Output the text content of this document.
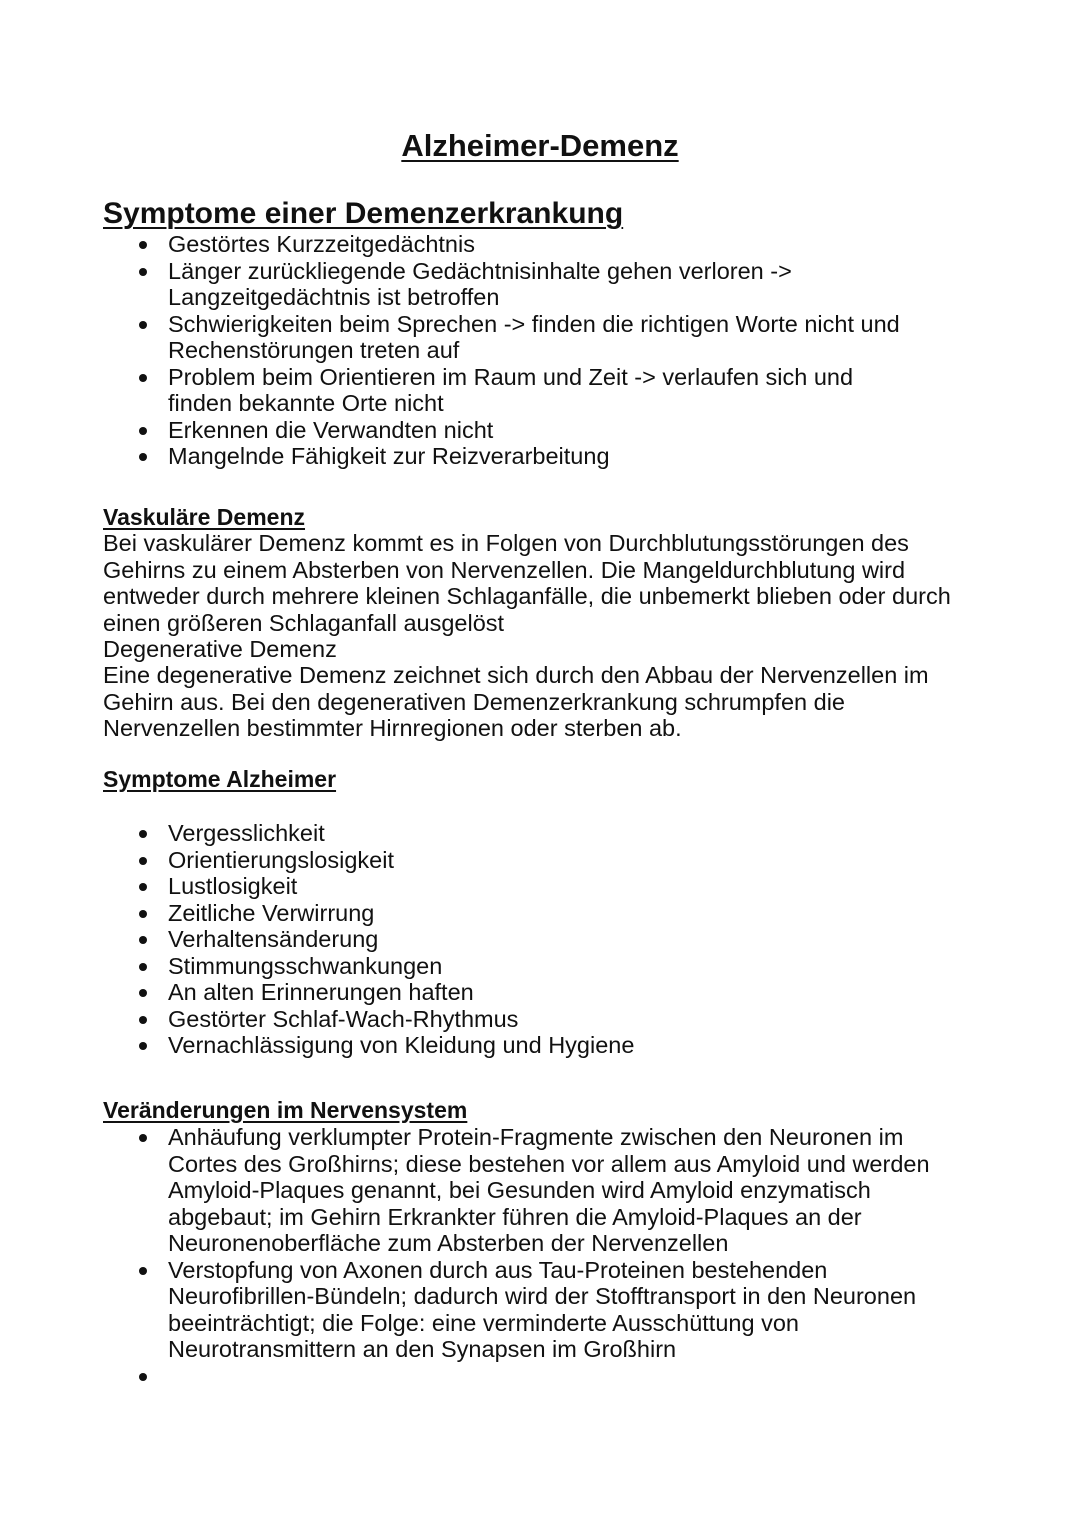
Alzheimer-Demenz
Symptome einer Demenzerkrankung
Gestörtes Kurzzeitgedächtnis
Länger zurückliegende Gedächtnisinhalte gehen verloren -> Langzeitgedächtnis ist betroffen
Schwierigkeiten beim Sprechen -> finden die richtigen Worte nicht und Rechenstörungen treten auf
Problem beim Orientieren im Raum und Zeit -> verlaufen sich und finden bekannte Orte nicht
Erkennen die Verwandten nicht
Mangelnde Fähigkeit zur Reizverarbeitung
Vaskuläre Demenz

Bei vaskulärer Demenz kommt es in Folgen von Durchblutungsstörungen des Gehirns zu einem Absterben von Nervenzellen. Die Mangeldurchblutung wird entweder durch mehrere kleinen Schlaganfälle, die unbemerkt blieben oder durch einen größeren Schlaganfall ausgelöst

Degenerative Demenz

Eine degenerative Demenz zeichnet sich durch den Abbau der Nervenzellen im Gehirn aus. Bei den degenerativen Demenzerkrankung schrumpfen die Nervenzellen bestimmter Hirnregionen oder sterben ab.

Symptome Alzheimer
Vergesslichkeit
Orientierungslosigkeit
Lustlosigkeit
Zeitliche Verwirrung
Verhaltensänderung
Stimmungsschwankungen
An alten Erinnerungen haften
Gestörter Schlaf-Wach-Rhythmus
Vernachlässigung von Kleidung und Hygiene
Veränderungen im Nervensystem
Anhäufung verklumpter Protein-Fragmente zwischen den Neuronen im Cortes des Großhirns; diese bestehen vor allem aus Amyloid und werden Amyloid-Plaques genannt, bei Gesunden wird Amyloid enzymatisch abgebaut; im Gehirn Erkrankter führen die Amyloid-Plaques an der Neuronenoberfläche zum Absterben der Nervenzellen
Verstopfung von Axonen durch aus Tau-Proteinen bestehenden Neurofibrillen-Bündeln; dadurch wird der Stofftransport in den Neuronen beeinträchtigt; die Folge: eine verminderte Ausschüttung von Neurotransmittern an den Synapsen im Großhirn
